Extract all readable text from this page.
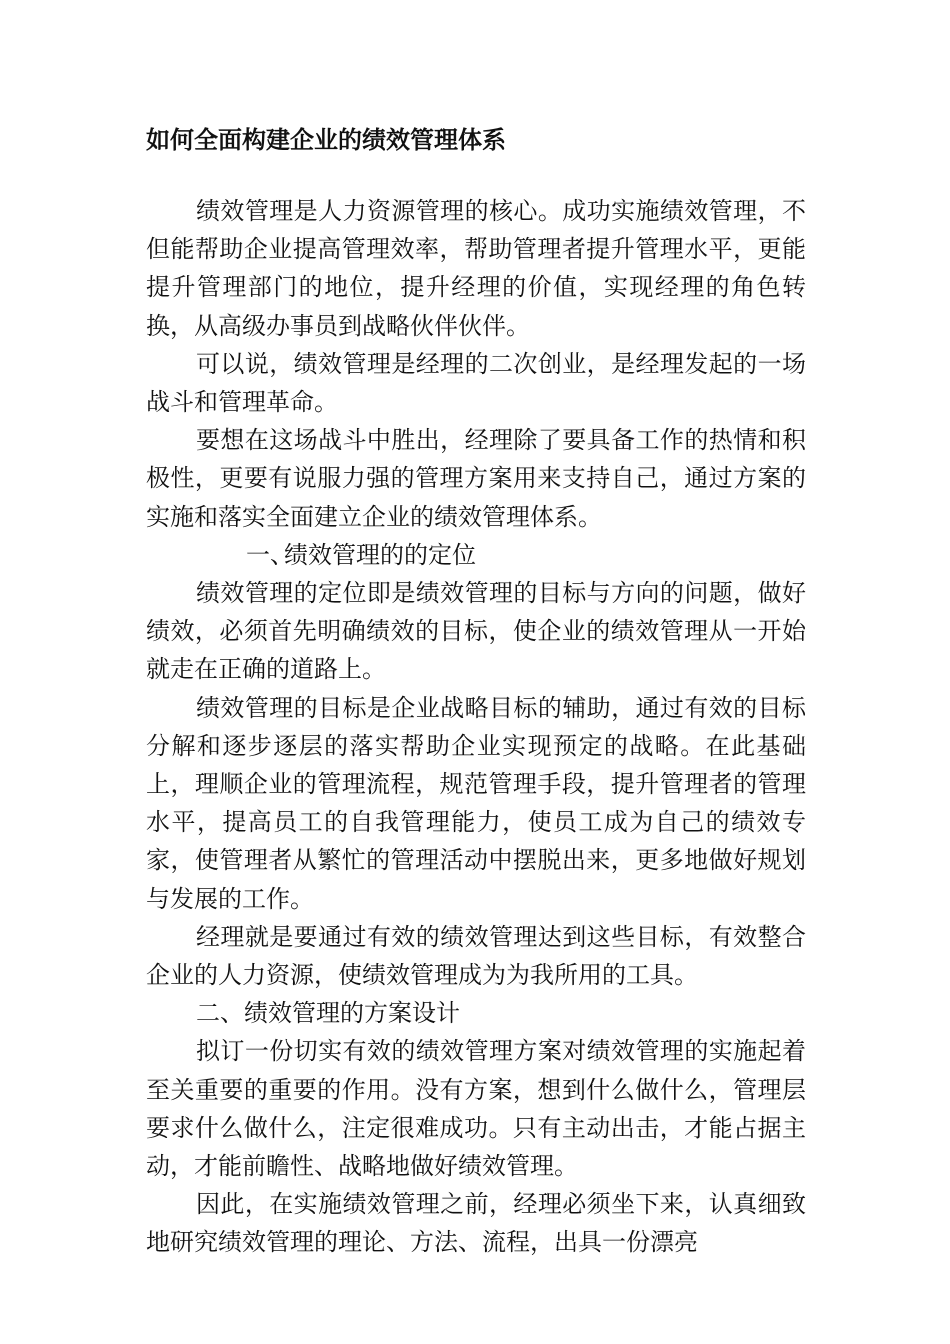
如何全面构建企业的绩效管理体系

绩效管理是人力资源管理的核心。成功实施绩效管理，不但能帮助企业提高管理效率，帮助管理者提升管理水平，更能提升管理部门的地位，提升经理的价值，实现经理的角色转换，从高级办事员到战略伙伴伙伴。

可以说，绩效管理是经理的二次创业，是经理发起的一场战斗和管理革命。

要想在这场战斗中胜出，经理除了要具备工作的热情和积极性，更要有说服力强的管理方案用来支持自己，通过方案的实施和落实全面建立企业的绩效管理体系。

一、绩效管理的的定位

绩效管理的定位即是绩效管理的目标与方向的问题，做好绩效，必须首先明确绩效的目标，使企业的绩效管理从一开始就走在正确的道路上。

绩效管理的目标是企业战略目标的辅助，通过有效的目标分解和逐步逐层的落实帮助企业实现预定的战略。在此基础上，理顺企业的管理流程，规范管理手段，提升管理者的管理水平，提高员工的自我管理能力，使员工成为自己的绩效专家，使管理者从繁忙的管理活动中摆脱出来，更多地做好规划与发展的工作。

经理就是要通过有效的绩效管理达到这些目标，有效整合企业的人力资源，使绩效管理成为为我所用的工具。

二、绩效管理的方案设计

拟订一份切实有效的绩效管理方案对绩效管理的实施起着至关重要的重要的作用。没有方案，想到什么做什么，管理层要求什么做什么，注定很难成功。只有主动出击，才能占据主动，才能前瞻性、战略地做好绩效管理。

因此，在实施绩效管理之前，经理必须坐下来，认真细致地研究绩效管理的理论、方法、流程，出具一份漂亮
